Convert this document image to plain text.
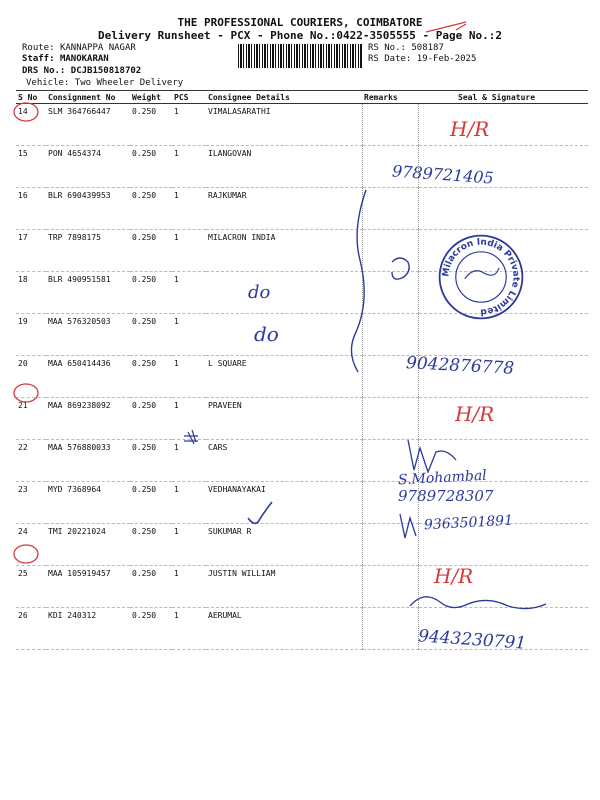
THE PROFESSIONAL COURIERS, COIMBATORE
Delivery Runsheet - PCX - Phone No.:0422-3505555 - Page No.:2
Route: KANNAPPA NAGAR
Staff: MANOKARAN
DRS No.: DCJB150818702
Vehicle: Two Wheeler Delivery
RS No.: 508187
RS Date: 19-Feb-2025
S No	Consignment No	Weight	PCS	Consignee Details	Remarks	Seal & Signature
14	SLM 364766447	0.250	1	VIMALASARATHI		
15	PON 4654374	0.250	1	ILANGOVAN		
16	BLR 690439953	0.250	1	RAJKUMAR		
17	TRP 7898175	0.250	1	MILACRON INDIA		
18	BLR 490951581	0.250	1			
19	MAA 576320503	0.250	1			
20	MAA 650414436	0.250	1	L SQUARE		
21	MAA 869238092	0.250	1	PRAVEEN		
22	MAA 576880033	0.250	1	CARS		
23	MYD 7368964	0.250	1	VEDHANAYAKAI		
24	TMI 20221024	0.250	1	SUKUMAR R		
25	MAA 105919457	0.250	1	JUSTIN WILLIAM		
26	KDI 240312	0.250	1	AERUMAL		
H/R
9789721405
do
do
9042876778
H/R
S.Mohambal
9789728307
9363501891
H/R
9443230791
Milacron India Private Limited
